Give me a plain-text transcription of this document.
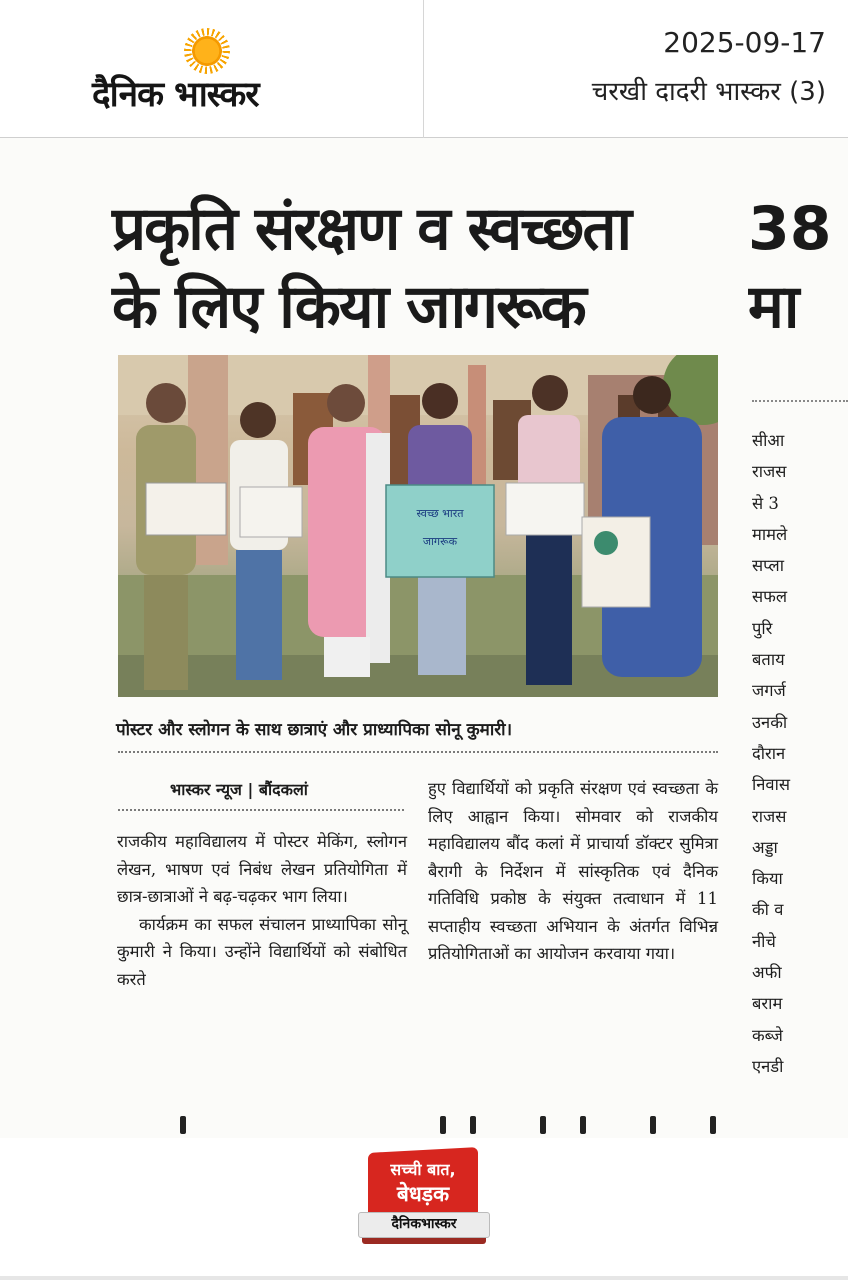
दैनिक भास्कर
2025-09-17
चरखी दादरी भास्कर (3)
प्रकृति संरक्षण व स्वच्छता
के लिए किया जागरूक
38
मा
स्वच्छ भारत
जागरूक
पोस्टर और स्लोगन के साथ छात्राएं और प्राध्यापिका सोनू कुमारी।
भास्कर न्यूज | बौंदकलां

राजकीय महाविद्यालय में पोस्टर मेकिंग, स्लोगन लेखन, भाषण एवं निबंध लेखन प्रतियोगिता में छात्र-छात्राओं ने बढ़-चढ़कर भाग लिया।

कार्यक्रम का सफल संचालन प्राध्यापिका सोनू कुमारी ने किया। उन्होंने विद्यार्थियों को संबोधित करते

हुए विद्यार्थियों को प्रकृति संरक्षण एवं स्वच्छता के लिए आह्वान किया। सोमवार को राजकीय महाविद्यालय बौंद कलां में प्राचार्या डॉक्टर सुमित्रा बैरागी के निर्देशन में सांस्कृतिक एवं दैनिक गतिविधि प्रकोष्ठ के संयुक्त तत्वाधान में 11 सप्ताहीय स्वच्छता अभियान के अंतर्गत विभिन्न प्रतियोगिताओं का आयोजन करवाया गया।

सीआ
राजस
से 3
मामले
सप्ला
सफल
पुरि
बताय
जगर्ज
उनकी
दौरान
निवास
राजस
अड्डा
किया
की व
नीचे
अफी
बराम
कब्जे
एनडी
सच्ची बात,
बेधड़क
दैनिकभास्कर
